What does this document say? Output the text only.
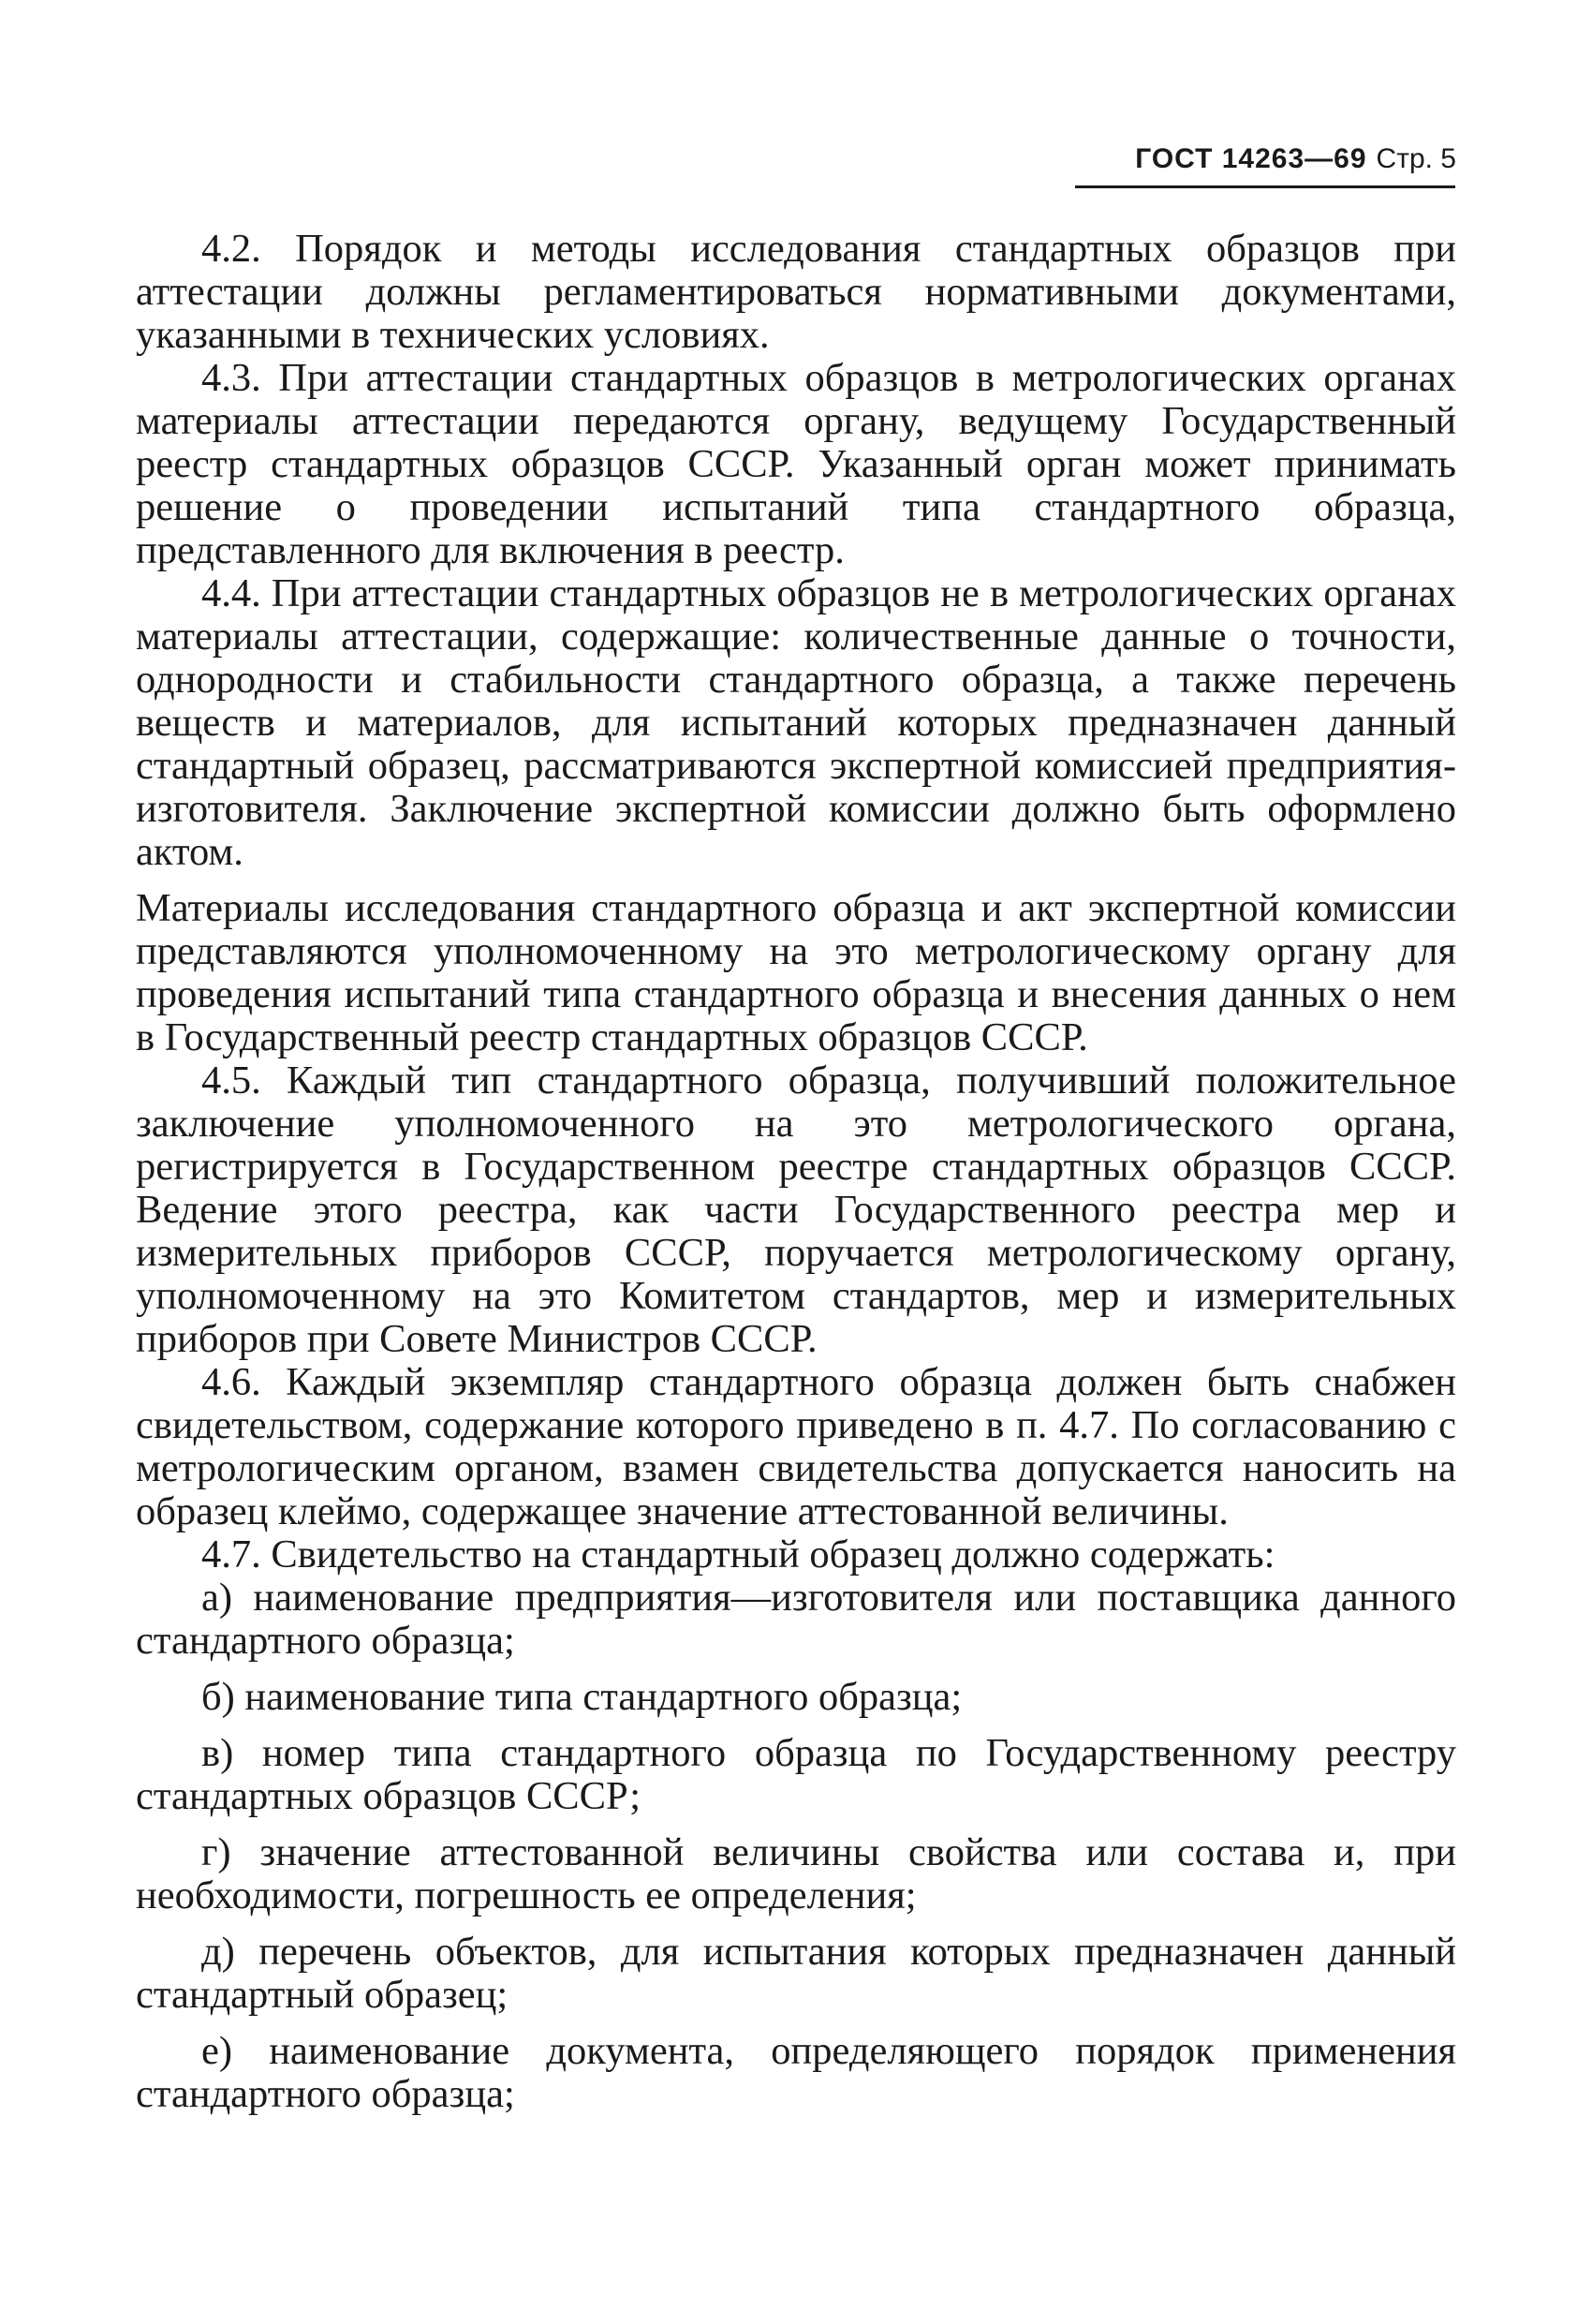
ГОСТ 14263—69 Стр. 5

4.2. Порядок и методы исследования стандартных образцов при аттестации должны регламентироваться нормативными документами, указанными в технических условиях.

4.3. При аттестации стандартных образцов в метрологических органах материалы аттестации передаются органу, ведущему Государственный реестр стандартных образцов СССР. Указанный орган может принимать решение о проведении испытаний типа стандартного образца, представленного для включения в реестр.

4.4. При аттестации стандартных образцов не в метрологических органах материалы аттестации, содержащие: количественные данные о точности, однородности и стабильности стандартного образца, а также перечень веществ и материалов, для испытаний которых предназначен данный стандартный образец, рассматриваются экспертной комиссией предприятия-изготовителя. Заключение экспертной комиссии должно быть оформлено актом.

Материалы исследования стандартного образца и акт экспертной комиссии представляются уполномоченному на это метрологическому органу для проведения испытаний типа стандартного образца и внесения данных о нем в Государственный реестр стандартных образцов СССР.

4.5. Каждый тип стандартного образца, получивший положительное заключение уполномоченного на это метрологического органа, регистрируется в Государственном реестре стандартных образцов СССР. Ведение этого реестра, как части Государственного реестра мер и измерительных приборов СССР, поручается метрологическому органу, уполномоченному на это Комитетом стандартов, мер и измерительных приборов при Совете Министров СССР.

4.6. Каждый экземпляр стандартного образца должен быть снабжен свидетельством, содержание которого приведено в п. 4.7. По согласованию с метрологическим органом, взамен свидетельства допускается наносить на образец клеймо, содержащее значение аттестованной величины.

4.7. Свидетельство на стандартный образец должно содержать:

а) наименование предприятия—изготовителя или поставщика данного стандартного образца;

б) наименование типа стандартного образца;

в) номер типа стандартного образца по Государственному реестру стандартных образцов СССР;

г) значение аттестованной величины свойства или состава и, при необходимости, погрешность ее определения;

д) перечень объектов, для испытания которых предназначен данный стандартный образец;

е) наименование документа, определяющего порядок применения стандартного образца;
